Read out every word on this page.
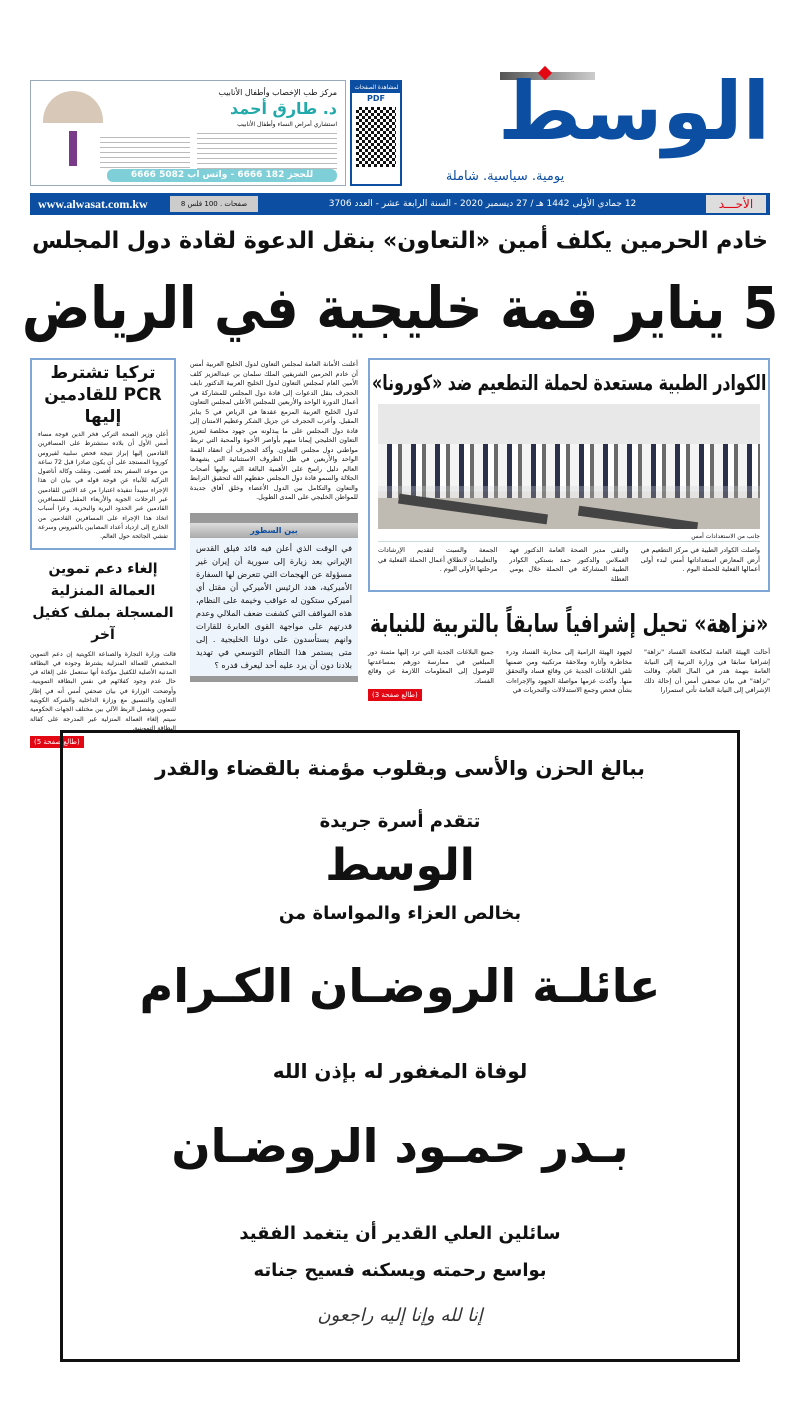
الوسط
يومية. سياسية. شاملة
مركز طب الإخصاب وأطفال الأنابيب
د. طارق أحمد
استشاري أمراض النساء وأطفال الأنابيب
للحجز 182 6666 - واتس اب 5082 6666
لمشاهدة الصفحات
PDF
www.alwasat.com.kw	8 صفحات . 100 فلس	12 جمادي الأولى 1442 هـ / 27 ديسمبر 2020 - السنة الرابعة عشر - العدد 3706	الأحـــد
خادم الحرمين يكلف أمين «التعاون» بنقل الدعوة لقادة دول المجلس
5 يناير قمة خليجية في الرياض
الكوادر الطبية مستعدة لحملة التطعيم ضد «كورونا»
جانب من الاستعدادات أمس
واصلت الكوادر الطبية في مركز التطعيم في أرض المعارض استعداداتها أمس لبدء أولى أعمالها الفعلية للحملة اليوم .
والتقى مدير الصحة العامة الدكتور فهد الغملاس والدكتور حمد بستكي الكوادر الطبية المشاركة في الحملة خلال يومي العطلة
الجمعة والسبت لتقديم الإرشادات والتعليمات لانطلاق أعمال الحملة الفعلية في مرحلتها الأولى اليوم .
«نزاهة» تحيل إشرافياً سابقاً بالتربية للنيابة
أحالت الهيئة العامة لمكافحة الفساد "نزاهة" إشرافيا سابقا في وزارة التربية إلى النيابة العامة بتهمة هدر في المال العام. وقالت "نزاهة" في بيان صحفي أمس أن إحالة ذلك الإشرافي إلى النيابة العامة تأتي استمرارا
لجهود الهيئة الرامية إلى محاربة الفساد ودرء مخاطره وآثاره وملاحقة مرتكبيه ومن ضمنها تلقي البلاغات الجدية عن وقائع فساد والتحقق منها. وأكدت عزمها مواصلة الجهود والإجراءات بشأن فحص وجمع الاستدلالات والتحريات في
جميع البلاغات الجدية التي ترد إليها مثمنة دور المبلغين في ممارسة دورهم بمساعدتها للوصول إلى المعلومات اللازمة عن وقائع الفساد.
(طالع صفحة 3)
أعلنت الأمانة العامة لمجلس التعاون لدول الخليج العربية أمس أن خادم الحرمين الشريفين الملك سلمان بن عبدالعزيز كلف الأمين العام لمجلس التعاون لدول الخليج العربية الدكتور نايف الحجرف بنقل الدعوات إلى قادة دول المجلس للمشاركة في أعمال الدورة الواحد والأربعين للمجلس الأعلى لمجلس التعاون لدول الخليج العربية المزمع عقدها في الرياض في 5 يناير المقبل. وأعرب الحجرف عن جزيل الشكر وعظيم الامتنان إلى قادة دول المجلس على ما يبذلونه من جهود مخلصة لتعزيز التعاون الخليجي إيمانا منهم بأواصر الأخوة والمحبة التي تربط مواطني دول مجلس التعاون. وأكد الحجرف أن انعقاد القمة الواحد والأربعين في ظل الظروف الاستثنائية التي يشهدها العالم دليل راسخ على الأهمية البالغة التي يوليها أصحاب الجلالة والسمو قادة دول المجلس حفظهم الله لتحقيق الترابط والتعاون والتكامل بين الدول الأعضاء وخلق آفاق جديدة للمواطن الخليجي على المدى الطويل.
بين السطور
في الوقت الذي أعلن فيه قائد فيلق القدس الإيراني بعد زيارة إلى سورية أن إيران غير مسؤولة عن الهجمات التي تتعرض لها السفارة الأميركية، هدد الرئيس الأميركي أن مقتل أي أميركي ستكون له عواقب وخيمة على النظام، هذه المواقف التي كشفت ضعف الملالي وعدم قدرتهم على مواجهة القوى العابرة للقارات وانهم يستأسدون على دولنا الخليجية . إلى متى يستمر هذا النظام التوسعي في تهديد بلادنا دون أن يرد عليه أحد ليعرف قدره ؟
تركيا تشترط PCR للقادمين إليها
أعلن وزير الصحة التركي فخر الدين قوجة مساء أمس الأول أن بلاده ستشترط على المسافرين القادمين إليها إبراز نتيجة فحص سلبية لفيروس كورونا المستجد على أن يكون صادرا قبل 72 ساعة من موعد السفر بحد أقصى. ونقلت وكالة أناضول التركية للأنباء عن قوجة قوله في بيان ان هذا الإجراء سيبدأ تنفيذه اعتبارا من غد الاثنين للقادمين عبر الرحلات الجوية والأربعاء المقبل للمسافرين القادمين عبر الحدود البرية والبحرية. وعزا أسباب اتخاذ هذا الإجراء على المسافرين القادمين من الخارج إلى ازدياد أعداد المصابين بالفيروس وسرعة تفشي الجائحة حول العالم.
إلغاء دعم تموين العمالة المنزلية المسجلة بملف كفيل آخر
قالت وزارة التجارة والصناعة الكويتية إن دعم التموين المخصص للعمالة المنزلية يشترط وجوده في البطاقة المدنية الأصلية للكفيل مؤكدة أنها ستعمل على إلغائه في حال عدم وجود كفلائهم في نفس البطاقة التموينية. وأوضحت الوزارة في بيان صحفي أمس أنه في إطار التعاون والتنسيق مع وزارة الداخلية والشركة الكويتية للتموين وبفضل الربط الآلي بين مختلف الجهات الحكومية سيتم إلغاء العمالة المنزلية غير المدرجة على كفالة البطاقة التموينية.
(طالع صفحة 5)
ببالغ الحزن والأسى وبقلوب مؤمنة بالقضاء والقدر
تتقدم أسرة جريدة
الوسط
بخالص العزاء والمواساة من
عائلـة الروضـان الكـرام
لوفاة المغفور له بإذن الله
بـدر حمـود الروضـان
سائلين العلي القدير أن يتغمد الفقيد
بواسع رحمته ويسكنه فسيح جناته
إنا لله وإنا إليه راجعون
